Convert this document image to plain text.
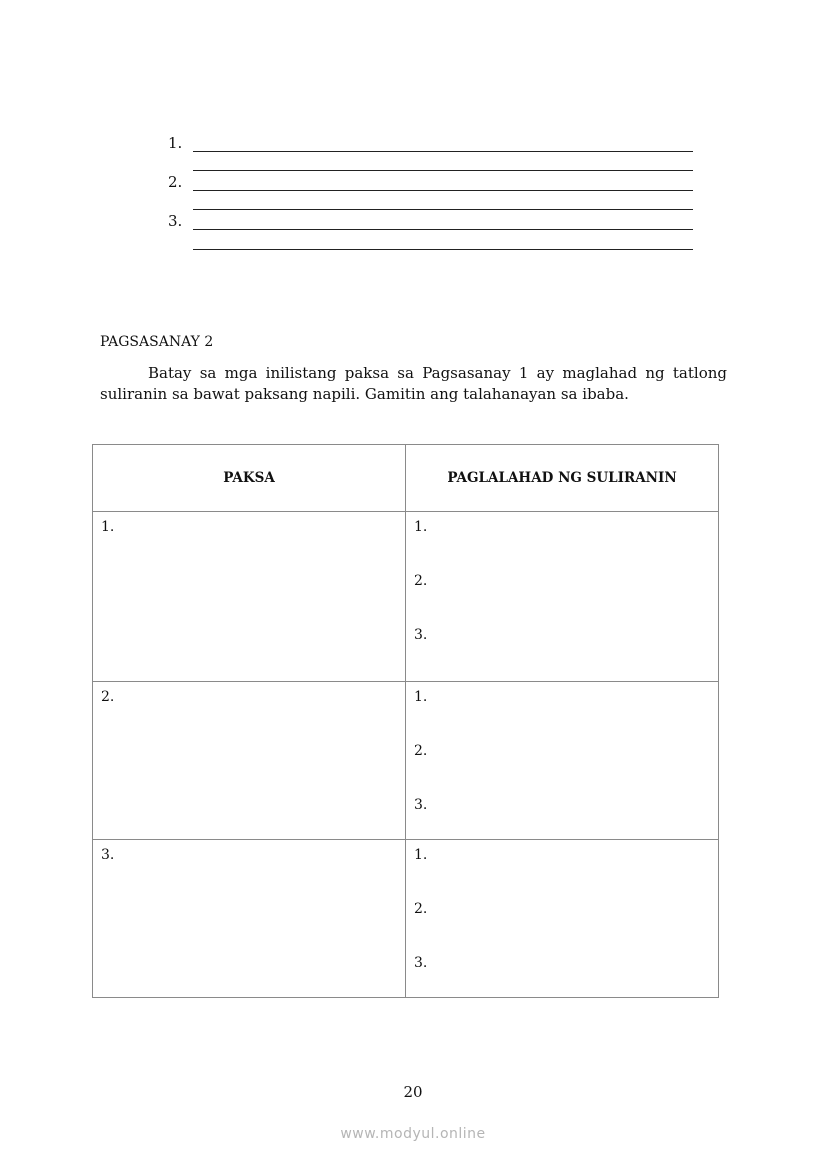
1.
2.
3.
PAGSASANAY 2
Batay sa mga inilistang paksa sa Pagsasanay 1 ay maglahad ng tatlong suliranin sa bawat paksang napili. Gamitin ang talahanayan sa ibaba.
PAKSA	PAGLALAHAD NG SULIRANIN
1.	1.
2.
3.

2.	1.
2.
3.

3.	1.
2.
3.
20
www.modyul.online
